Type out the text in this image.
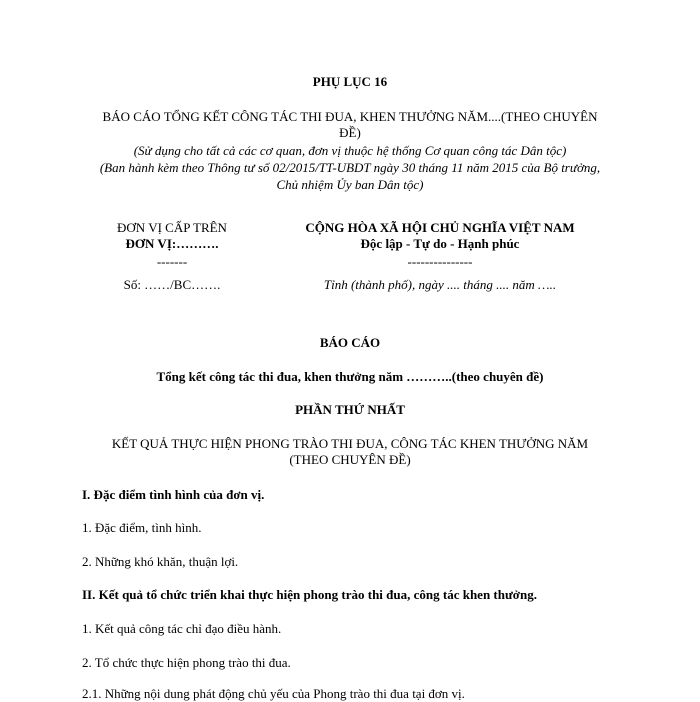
PHỤ LỤC 16
BÁO CÁO TỔNG KẾT CÔNG TÁC THI ĐUA, KHEN THƯỞNG NĂM....(THEO CHUYÊN
ĐỀ)
(Sử dụng cho tất cả các cơ quan, đơn vị thuộc hệ thống Cơ quan công tác Dân tộc)
(Ban hành kèm theo Thông tư số 02/2015/TT-UBDT ngày 30 tháng 11 năm 2015 của Bộ trưởng,
Chủ nhiệm Ủy ban Dân tộc)
ĐƠN VỊ CẤP TRÊN
ĐƠN VỊ:……….
-------
Số: ……/BC…….
CỘNG HÒA XÃ HỘI CHỦ NGHĨA VIỆT NAM
Độc lập - Tự do - Hạnh phúc
---------------
Tỉnh (thành phố), ngày .... tháng .... năm …..
BÁO CÁO
Tổng kết công tác thi đua, khen thưởng năm ………..(theo chuyên đề)
PHẦN THỨ NHẤT
KẾT QUẢ THỰC HIỆN PHONG TRÀO THI ĐUA, CÔNG TÁC KHEN THƯỞNG NĂM
(THEO CHUYÊN ĐỀ)
I. Đặc điểm tình hình của đơn vị.
1. Đặc điểm, tình hình.
2. Những khó khăn, thuận lợi.
II. Kết quả tổ chức triển khai thực hiện phong trào thi đua, công tác khen thưởng.
1. Kết quả công tác chỉ đạo điều hành.
2. Tổ chức thực hiện phong trào thi đua.
2.1. Những nội dung phát động chủ yếu của Phong trào thi đua tại đơn vị.
